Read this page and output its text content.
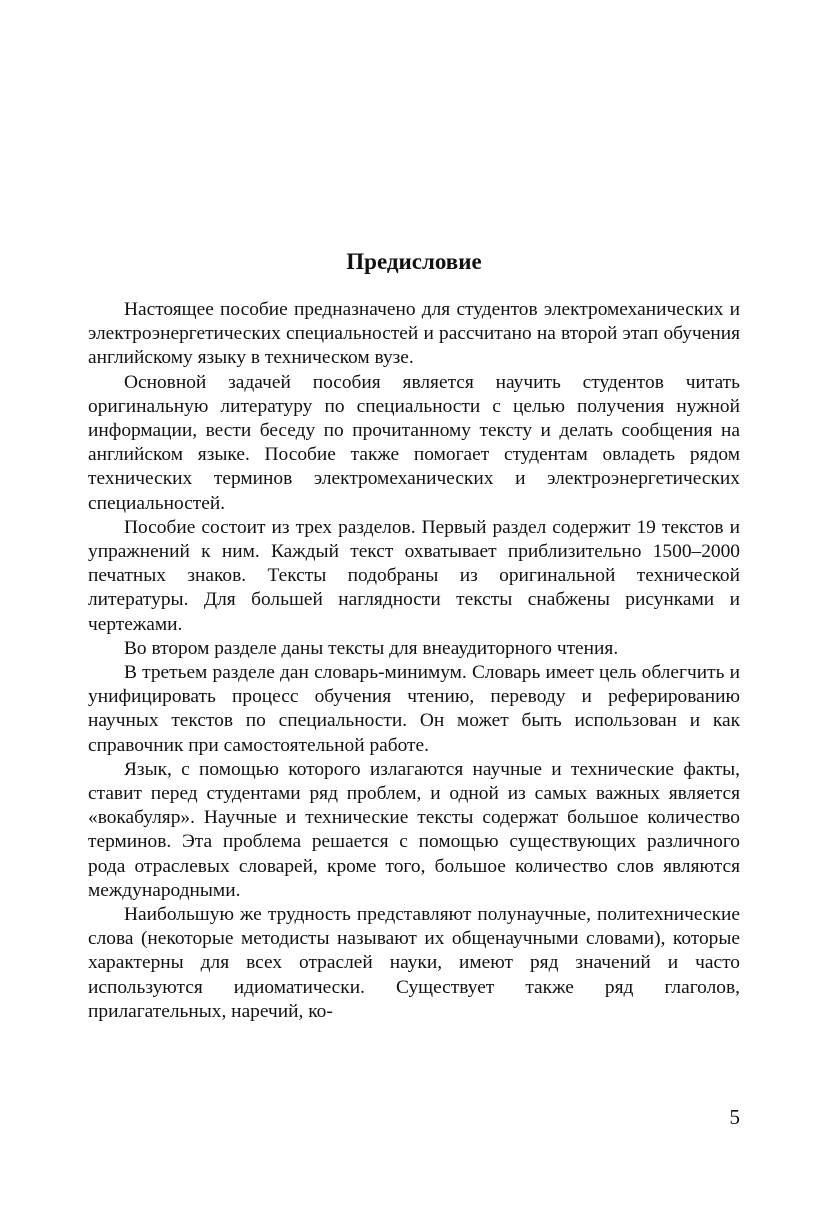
Предисловие

Настоящее пособие предназначено для студентов электромеханических и электроэнергетических специальностей и рассчитано на второй этап обучения английскому языку в техническом вузе.

Основной задачей пособия является научить студентов читать оригинальную литературу по специальности с целью получения нужной информации, вести беседу по прочитанному тексту и делать сообщения на английском языке. Пособие также помогает студентам овладеть рядом технических терминов электромеханических и электроэнергетических специальностей.

Пособие состоит из трех разделов. Первый раздел содержит 19 текстов и упражнений к ним. Каждый текст охватывает приблизительно 1500–2000 печатных знаков. Тексты подобраны из оригинальной технической литературы. Для большей наглядности тексты снабжены рисунками и чертежами.

Во втором разделе даны тексты для внеаудиторного чтения.

В третьем разделе дан словарь-минимум. Словарь имеет цель облегчить и унифицировать процесс обучения чтению, переводу и реферированию научных текстов по специальности. Он может быть использован и как справочник при самостоятельной работе.

Язык, с помощью которого излагаются научные и технические факты, ставит перед студентами ряд проблем, и одной из самых важных является «вокабуляр». Научные и технические тексты содержат большое количество терминов. Эта проблема решается с помощью существующих различного рода отраслевых словарей, кроме того, большое количество слов являются международными.

Наибольшую же трудность представляют полунаучные, политехнические слова (некоторые методисты называют их общенаучными словами), которые характерны для всех отраслей науки, имеют ряд значений и часто используются идиоматически. Существует также ряд глаголов, прилагательных, наречий, ко-

5
